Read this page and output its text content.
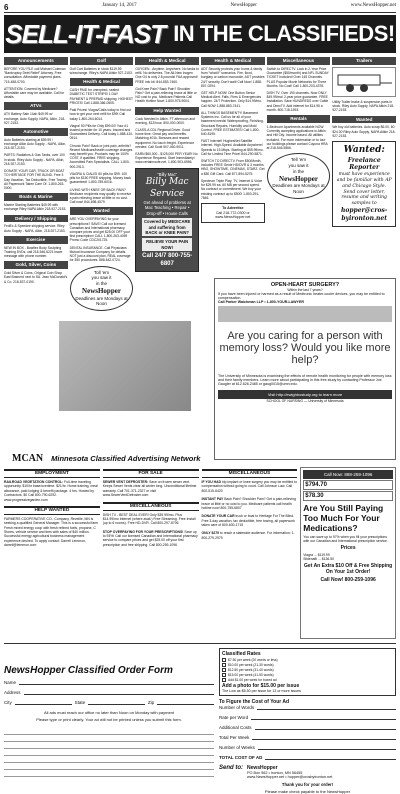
6	January 14, 2017	NewsHopper	www.NewsHopper.net
SELL-IT-FAST IN THE CLASSIFIEDS!
Announcements
BEFORE YOU FILE call Michael Coleman "Bankruptcy Debt Relief" Attorney. Free consultation. Affordable payment plans. 715-458-0700.
ATTENTION: Covered by Medicare? Affordable care may be available. Call for details.
ATVs
ATV Battery Sale 14ah $49.99 w/ exchange, Auto Supply, NAPA, Alkin, 218-927-2153.
Automotive
Auto Batteries starting at $59.99 / exchange Alkin Auto Supply - NAPA, Alkin, 218-927-2153.
PARTS: Radiators & Gas Tanks, over 100 in stock. Riley Auto Supply - NAPA, Alkin, 218-927-2153.
DONATE YOUR CAR, TRUCK OR BOAT TO HERITAGE FOR THE BLIND. Free 3 Day Vacation, Tax Deductible, Free Towing, All Paperwork Taken Care Of. 1-800-263-0000.
Boats & Marine
Marine Starting Batteries $49.99 with exchange Riley NAPA Alkin 218-927-2153.
Delivery / Shipping
FedEx & Speedee shipping service. Riley Auto Supply - NAPA, Alkin, 218-927-2153.
Exercise
NEW IN BOX - Bowflex Body Sculpting Training DVDs, call 218-546-6221 leave message with phone number.
Gold, Silver, Coins
Gold Silver & Coins, Original Coin Shop East Brainerd next to SA. Jean McDonald's & Co. 218-537-0190.
Golf
Golf Cart Batteries in stock $119.99 w/exchange. Riley's NAPA Aitkin 927-2153.
Health & Medical
CASH PAID for unexpired, sealed DIABETIC TEST STRIPS! 1 DAY PAYMENT & PREPAID shipping. HIGHEST PRICES! Call 1-888-366-0605.
Paid Prices! Viagra/Cialis today to find out how to get your next refill for $99! Call today 1-800-264-6014.
Viagra! 50 Pills for Only $99.00! Your #1 trusted provider for 10 years. Insured and Guaranteed Delivery. Call today 1-888-410-0514.
Chronic Pain? Back or joint pain, arthritis? Recent Medicare/health coverage changes may benefit you. Products may be 100% COST, if qualified. FREE shipping. Accredited Pain Specialists. CALL 1-800-900-2913.
VIAGRA & CIALIS! 60 pills for $99. 100 pills for $150 FREE shipping. Money back guaranteed! 1-800-789-6016.
LIVING WITH KNEE OR BACK PAIN? Medicare recipients may qualify to receive a pain relieving brace at little or no cost. Call now! 844-698-4579.
Wanted
ARE YOU OVERPAYING for your prescriptions? SAVE! Call our licensed Canadian and International pharmacy, compare prices and get $25.00 OFF your first prescription! CALL 1-800-263-4059 Promo Code CDC201725.
DENTAL INSURANCE. Call Physicians Mutual Insurance Company for details. NOT just a discount plan, REAL coverage for 350 procedures. 888-642-0724.
Toll 'em
you saw it
in the
NewsHopper
Deadlines are Mondays at Noon
Health & Medical
OXYGEN - Anytime. Anywhere. No tanks to refill. No deliveries. The All-New Inogen One G4 is only 2.8 pounds! FAA approved! FREE info kit: 844-853-7460.
Got Knee Pain? Back Pain? Shoulder Pain? Get a pain-relieving brace at little or NO cost to you. Medicare Patients Call Health Hotline Now! 1-800-975-9004.
Help Wanted
Cook Needed in Aitkin. FT afternoon and evening, $12/hour. 800-000-0000.
CLASS-A CDL Regional Driver. Good home time. Great pay and benefits. Matching 401k. Bonuses and reward equipment. No touch freight. Experience needed. Call Scott 507-460-9011.
EARN $60,000 - $125,000 PER YEAR! No Experience Required. Start Immediately! www.certainroute.net. 1-800-903-6956.
"Billy Mac"
Billy Mac Service
Get ahead of problems at
Mac Teaching • Repair • Drop-off • House Calls
Covered by MEDICARE and suffering from BACK or KNEE PAIN?
RELIEVE YOUR PAIN NOW!
Call 24/7 800-755-6807
Health & Medical
ADT Security protects your home & family from "what if" scenarios. Fire, flood, burglary or carbon monoxide, ADT provides 24/7 security. Don't wait! Call Now! 1-888-807-0294.
GET HELP NOW! One Button Senior Medical Alert. Falls, Fires & Emergencies happen. 24/7 Protection. Only $14.99/mo. Call NOW 1-888-883-7441.
ALL THINGS BASEMENTY! Basement Systems Inc. Call us for all of your basement needs! Waterproofing, Finishing, Structural Repairs, Humidity and Mold Control. FREE ESTIMATES! Call 1-800-640-8195.
FAST Internet! HughesNet Satellite Internet. High-Speed. Available Anywhere! Speeds to 15 Mbps. Starting at $59.99/mo. Call for Limited Time Price! 844-290-5871.
SWITCH TO DIRECTV. From $50/Month, includes FREE Genie HD/DVR & 3 months HBO, SHOWTIME, CINEMAX, STARZ. Get a $50 Gift Card. Call 877-894-5275.
Spectrum Triple Play: TV, Internet & Voice for $29.99 ea. 60 MB per second speed. No contract or commitment. We buy your existing contract up to $500! 1-800-291-7846.
To Advertise
Call 218-772-0300 or
www.NewsHopper.net
Miscellaneous
Switch to DIRECTV. Lock in 2-Year Price Guarantee ($50/month) and NFL SUNDAY TICKET Included! Over 145 Channels PLUS Popular Movie Networks for Three Months. No Cost! Call 1-800-203-4378.
DISH TV. Over 190 channels. Now ONLY $49.99/mo! 2-year price guarantee. FREE Installation. Save HUNDREDS over Cable and DirecTV. Add internet for $14.95 a month. 800-718-1593.
Rentals
1-Bedroom Apartments available NOW. Currently accepting applications in Aitkin and Hill City. Income based. All utilities included. For more information or to tour our buildings please contact Cuyuna HRA at 218-546-5566.
Tell 'em
you saw it
in the
NewsHopper
Deadlines are Mondays at Noon
Trailers
Utility Trailer brake & suspension parts in stock. Riley Auto Supply, NAPA Aitkin 218-927-2153.
Wanted
We buy old batteries. Auto scrap $6.00, 60 $24.00 Riley Auto Supply, NAPA Aitkin 218-927-2153.
Wanted:
Freelance Reporter
must have experience and be familiar with AP and Chicago Style. Send cover letter, resume and writing samples to
hopper@cros-byironton.net
OPEN-HEART SURGERY?
Within the last 7 years?
If you have been injured or harmed as a result of Medtronic heater-cooler devices, you may be entitled to compensation.
Call Parker Waichman LLP • 1-800-YOUR-LAWYER
Are you caring for a person with memory loss? Would you like more help?
The University of Minnesota is examining the effects of remote health monitoring for people with memory loss and their family members. Learn more about participating in this free study by contacting Professor Joe Gaugler at 612.626.2485 or gaug0015@umn.edu.
Visit http://ewighbostudy.org to learn more
SCHOOL OF NURSING — University of Minnesota
MCAN Minnesota Classified Advertising Network
EMPLOYMENT
RAILROAD VEGETATION CONTROL: Full-time traveling opportunity. $10/hr base/overtime. $21/hr. Home training, meal allowance, paid lodging & benefit package. 4 hrs. Hosted by Contractors. $0 Call 800-790-6292. www.progressivegarden.com
HELP WANTED
FARMERS COOPERATIVE CO., Company, Reveille, MN is seeking a qualified General Manager. This is a successful farm Fresh mixed energy coop with fresh refined fuels, propane, C Stores, vehicle service and tires with sales of $40 million. Successful energy agricultural business management experience desired. To apply contact: Darrell Lemmon, darrell@lemmon.com
FOR SALE
SEWER VENT DEFROSTER: Save on frozen sewer vent. Keeps Sewer Vents clear all winter long. Unconditional lifetime warranty. Call 701-371-2327 or visit www.SewerVentDefroster.com
MISCELLANEOUS
DISH TV - BEST DEAL EVER! Only $39.99/mo. Plus $14.99/mo Internet (where avail.) Free Streaming. Free Install (up to 6 rooms). Free HD-DVR. Call 800-297-8706
STOP OVERPAYING FOR YOUR PRESCRIPTIONS! Save up to 93%! Call our licensed Canadian and International pharmacy service to compare prices and get $25.00 off your first prescription and free shipping. Call 800-259-1096
MISCELLANEOUS
IF YOU HAD hip implant or knee surgery you may be entitled to compensation without going to court. Call Johnson Law. Call 800-515-6420
INSTANT PAY Back Pain? Shoulder Pain? Get a pain-relieving brace at little or no cost to you. Medicare patients call health hotline now! 800-755-6807
DONATE YOUR CAR truck or boat to Heritage For The Blind. Free 3-day vacation, tax deductible, free towing, all paperwork taken care of 800-630-1715
ONLY $279 to reach a statewide audience. For information: 1-800-279-2979
Call Now: 888-259-1096
$794.70
$78.30
Are You Still Paying Too Much For Your Medications?
You can save up to 97% when you fill your prescriptions with our Canadian and International prescription service.
Prices
Viagra ... $119.99
Sildenafil ... $136.50
Get An Extra $10 Off & Free Shipping On Your 1st Order!
Call Now! 800-259-1096
NewsHopper Classified Order Form
Name
Address
City	State	Zip
All ads must reach our office no later than Noon on Monday with payment
Please type or print clearly. Your ad will not be printed unless you submit this form.
Classified Rates
$7.50 per week (20 words or less)
$10.00 per week (21-30 words)
$12.50 per week (31-40 words)
$15.00 per week (41-50 words)
Add $1.00 per week for boxed ad
Add a photo for $15.00 per issue
The Low as $5.50 per issue for 13 or more issues
To Figure the Cost of Your Ad
Number of Words
Rate per Word
Additional Costs
Total Per Week
Number of Weeks
TOTAL COST OF AD
Send to: NewsHopper
PO Box 962 • Ironton, MN 56455
www.NewsHopper.net • hopper@crosbyironton.net
Thank you for your order!
Please make check payable to the NewsHopper
